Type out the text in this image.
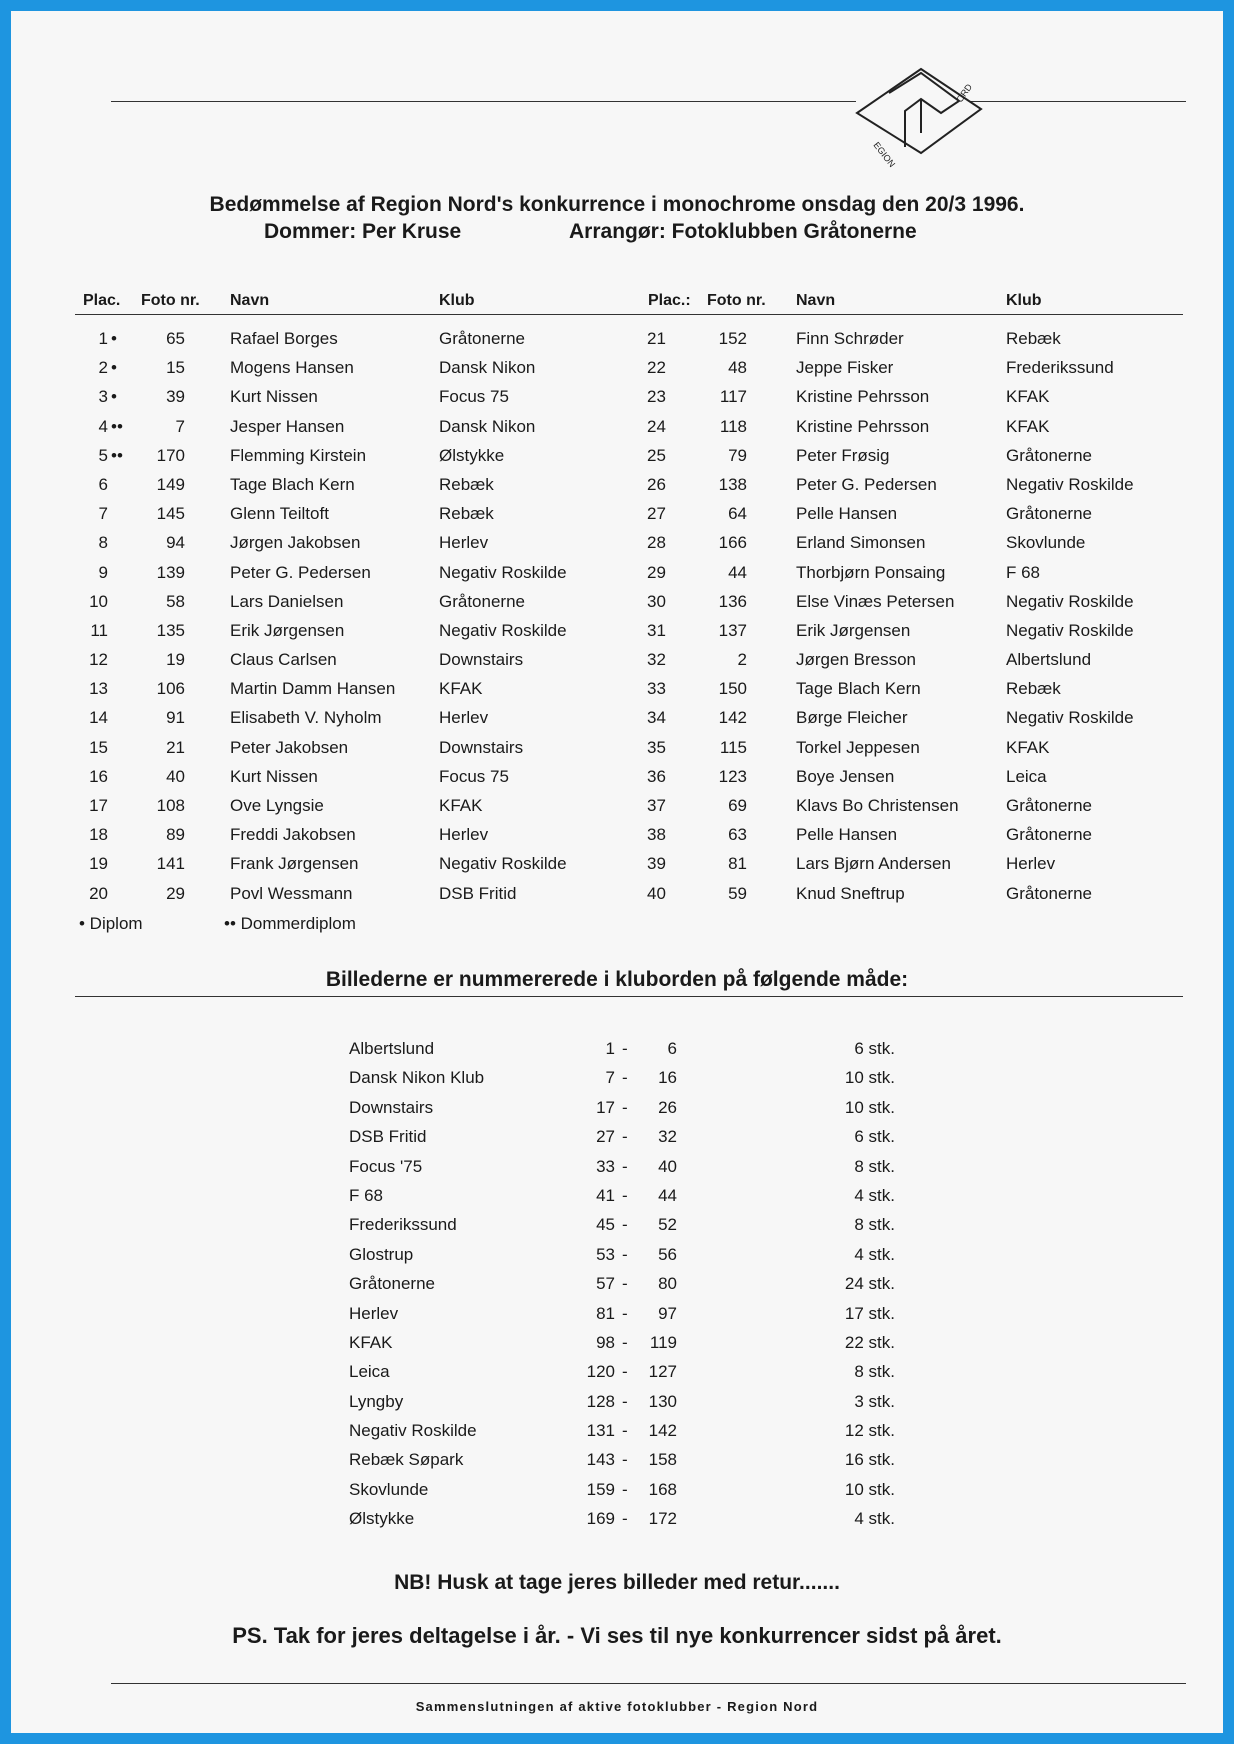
EGION
ORD
Bedømmelse af Region Nord's konkurrence i monochrome onsdag den 20/3 1996.
Dommer: Per Kruse	Arrangør: Fotoklubben Gråtonerne
Plac. Foto nr. Navn	Klub	Plac.: Foto nr. Navn	Klub
1 •	65	Rafael Borges	Gråtonerne	21	152	Finn Schrøder	Rebæk
2 •	15	Mogens Hansen	Dansk Nikon	22	48	Jeppe Fisker	Frederikssund
3 •	39	Kurt Nissen	Focus 75	23	117	Kristine Pehrsson	KFAK
4 ••	7	Jesper Hansen	Dansk Nikon	24	118	Kristine Pehrsson	KFAK
5 ••	170	Flemming Kirstein	Ølstykke	25	79	Peter Frøsig	Gråtonerne
6	149	Tage Blach Kern	Rebæk	26	138	Peter G. Pedersen	Negativ Roskilde
7	145	Glenn Teiltoft	Rebæk	27	64	Pelle Hansen	Gråtonerne
8	94	Jørgen Jakobsen	Herlev	28	166	Erland Simonsen	Skovlunde
9	139	Peter G. Pedersen	Negativ Roskilde	29	44	Thorbjørn Ponsaing	F 68
10	58	Lars Danielsen	Gråtonerne	30	136	Else Vinæs Petersen	Negativ Roskilde
11	135	Erik Jørgensen	Negativ Roskilde	31	137	Erik Jørgensen	Negativ Roskilde
12	19	Claus Carlsen	Downstairs	32	2	Jørgen Bresson	Albertslund
13	106	Martin Damm Hansen	KFAK	33	150	Tage Blach Kern	Rebæk
14	91	Elisabeth V. Nyholm	Herlev	34	142	Børge Fleicher	Negativ Roskilde
15	21	Peter Jakobsen	Downstairs	35	115	Torkel Jeppesen	KFAK
16	40	Kurt Nissen	Focus 75	36	123	Boye Jensen	Leica
17	108	Ove Lyngsie	KFAK	37	69	Klavs Bo Christensen	Gråtonerne
18	89	Freddi Jakobsen	Herlev	38	63	Pelle Hansen	Gråtonerne
19	141	Frank Jørgensen	Negativ Roskilde	39	81	Lars Bjørn Andersen	Herlev
20	29	Povl Wessmann	DSB Fritid	40	59	Knud Sneftrup	Gråtonerne
• Diplom	•• Dommerdiplom
Billederne er nummererede i kluborden på følgende måde:
Albertslund	1 -	6	6 stk.
Dansk Nikon Klub	7 -	16	10 stk.
Downstairs	17 -	26	10 stk.
DSB Fritid	27 -	32	6 stk.
Focus '75	33 -	40	8 stk.
F 68	41 -	44	4 stk.
Frederikssund	45 -	52	8 stk.
Glostrup	53 -	56	4 stk.
Gråtonerne	57 -	80	24 stk.
Herlev	81 -	97	17 stk.
KFAK	98 -	119	22 stk.
Leica	120 -	127	8 stk.
Lyngby	128 -	130	3 stk.
Negativ Roskilde	131 -	142	12 stk.
Rebæk Søpark	143 -	158	16 stk.
Skovlunde	159 -	168	10 stk.
Ølstykke	169 -	172	4 stk.
NB! Husk at tage jeres billeder med retur.......
PS. Tak for jeres deltagelse i år. - Vi ses til nye konkurrencer sidst på året.
Sammenslutningen af aktive fotoklubber - Region Nord
